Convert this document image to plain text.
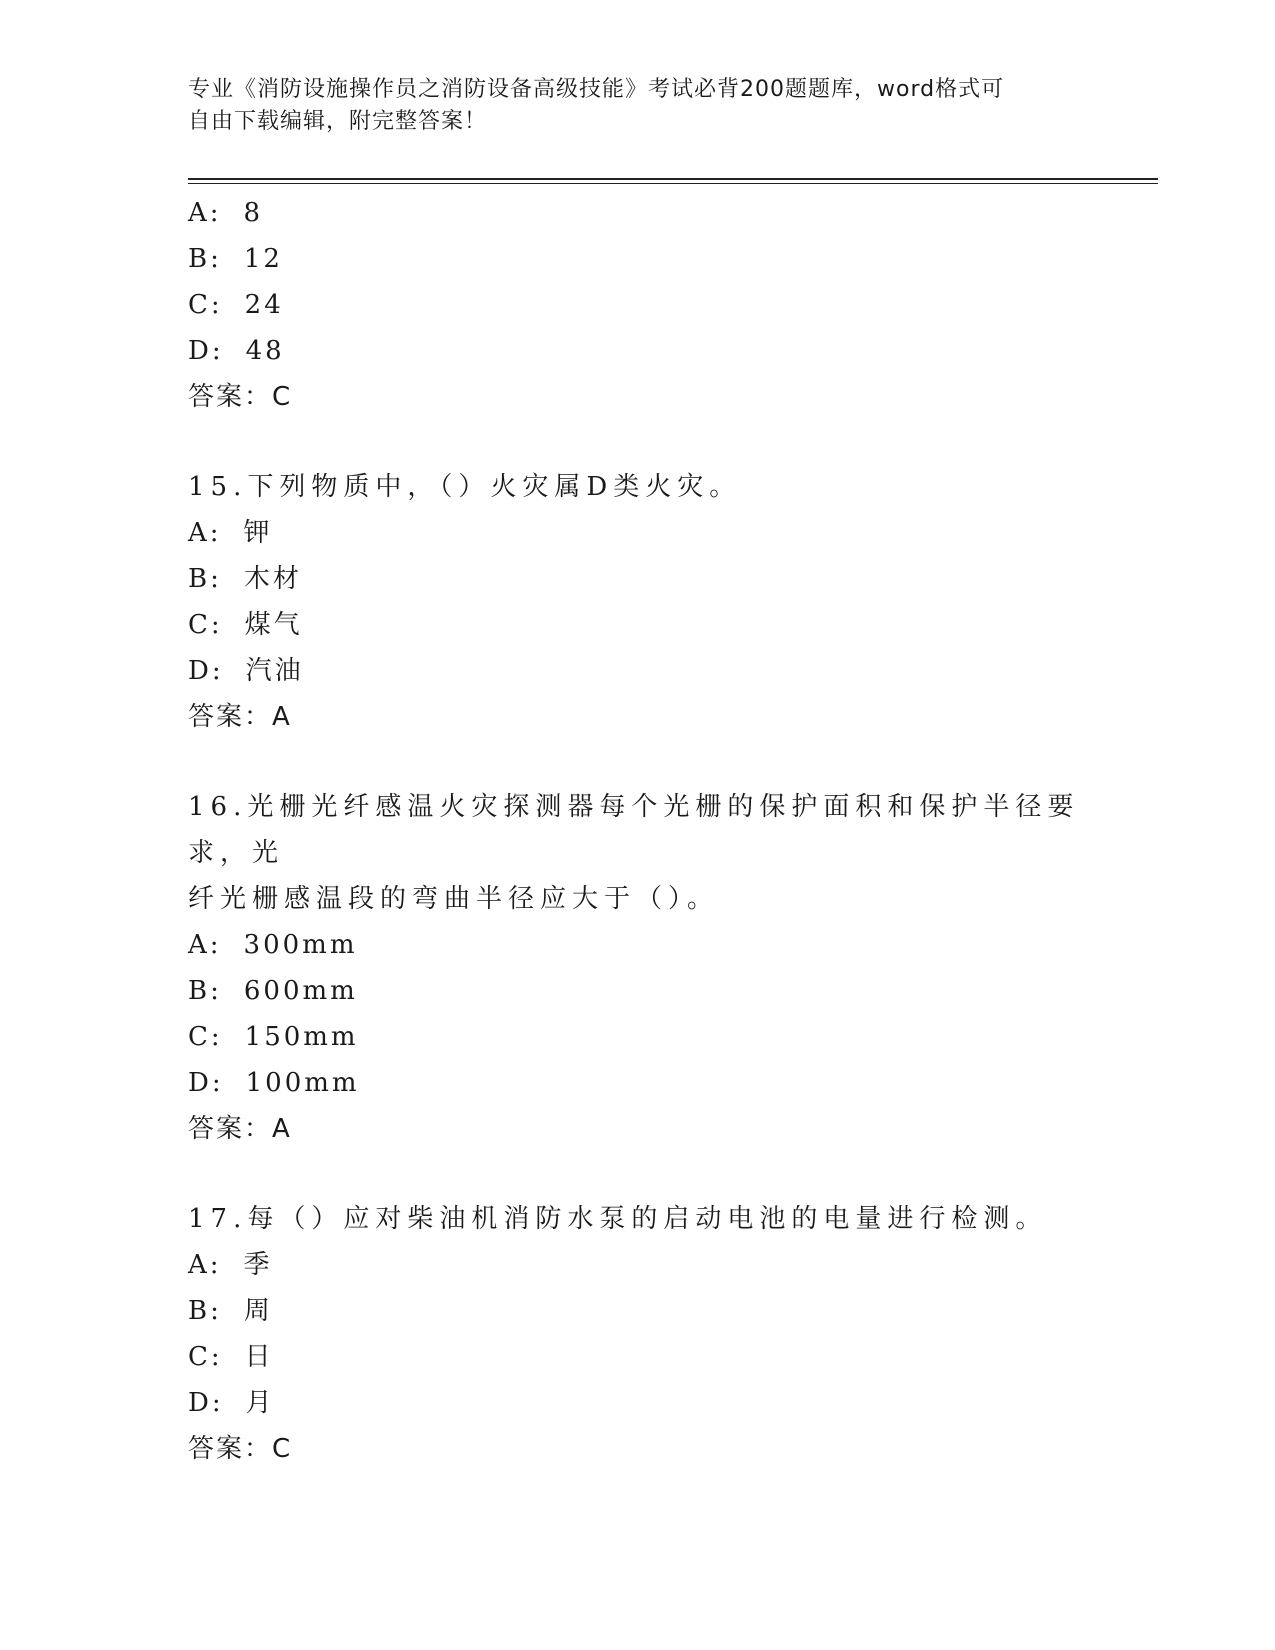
专业《消防设施操作员之消防设备高级技能》考试必背200题题库，word格式可
自由下载编辑，附完整答案！
A: 8
B: 12
C: 24
D: 48
答案：C
15.下列物质中，（）火灾属D类火灾。
A: 钾
B: 木材
C: 煤气
D: 汽油
答案：A
16.光栅光纤感温火灾探测器每个光栅的保护面积和保护半径要求，光
纤光栅感温段的弯曲半径应大于（）。
A: 300mm
B: 600mm
C: 150mm
D: 100mm
答案：A
17.每（）应对柴油机消防水泵的启动电池的电量进行检测。
A: 季
B: 周
C: 日
D: 月
答案：C
